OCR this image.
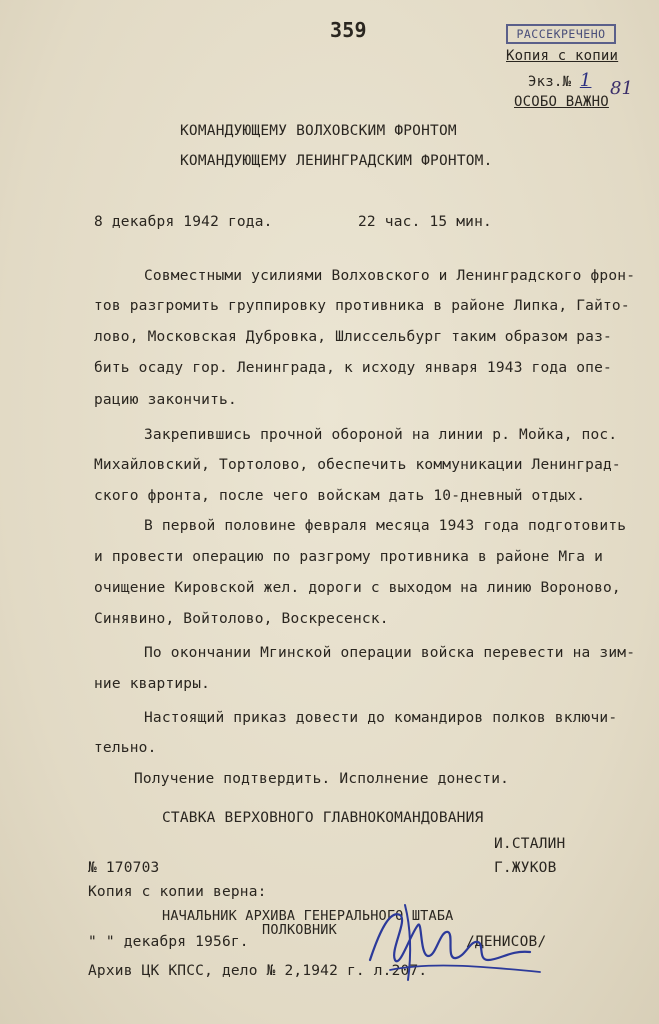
359	РАССЕКРЕЧЕНО
Копия с копии
Экз.№ 1 81
ОСОБО ВАЖНО
КОМАНДУЮЩЕМУ ВОЛХОВСКИМ ФРОНТОМ
КОМАНДУЮЩЕМУ ЛЕНИНГРАДСКИМ ФРОНТОМ.
8 декабря 1942 года.	22 час. 15 мин.
Совместными усилиями Волховского и Ленинградского фрон-
тов разгромить группировку противника в районе Липка, Гайто-
лово, Московская Дубровка, Шлиссельбург таким образом раз-
бить осаду гор. Ленинграда, к исходу января 1943 года опе-
рацию закончить.
Закрепившись прочной обороной на линии р. Мойка, пос.
Михайловский, Тортолово, обеспечить коммуникации Ленинград-
ского фронта, после чего войскам дать 10-дневный отдых.
В первой половине февраля месяца 1943 года подготовить
и провести операцию по разгрому противника в районе Мга и
очищение Кировской жел. дороги с выходом на линию Вороново,
Синявино, Войтолово, Воскресенск.
По окончании Мгинской операции войска перевести на зим-
ние квартиры.
Настоящий приказ довести до командиров полков включи-
тельно.
Получение подтвердить. Исполнение донести.
СТАВКА ВЕРХОВНОГО ГЛАВНОКОМАНДОВАНИЯ
И.СТАЛИН
№ 170703	Г.ЖУКОВ
Копия с копии верна:
НАЧАЛЬНИК АРХИВА ГЕНЕРАЛЬНОГО ШТАБА
ПОЛКОВНИК
" " декабря 1956г.	/ДЕНИСОВ/
Архив ЦК КПСС, дело № 2,1942 г. л.207.
